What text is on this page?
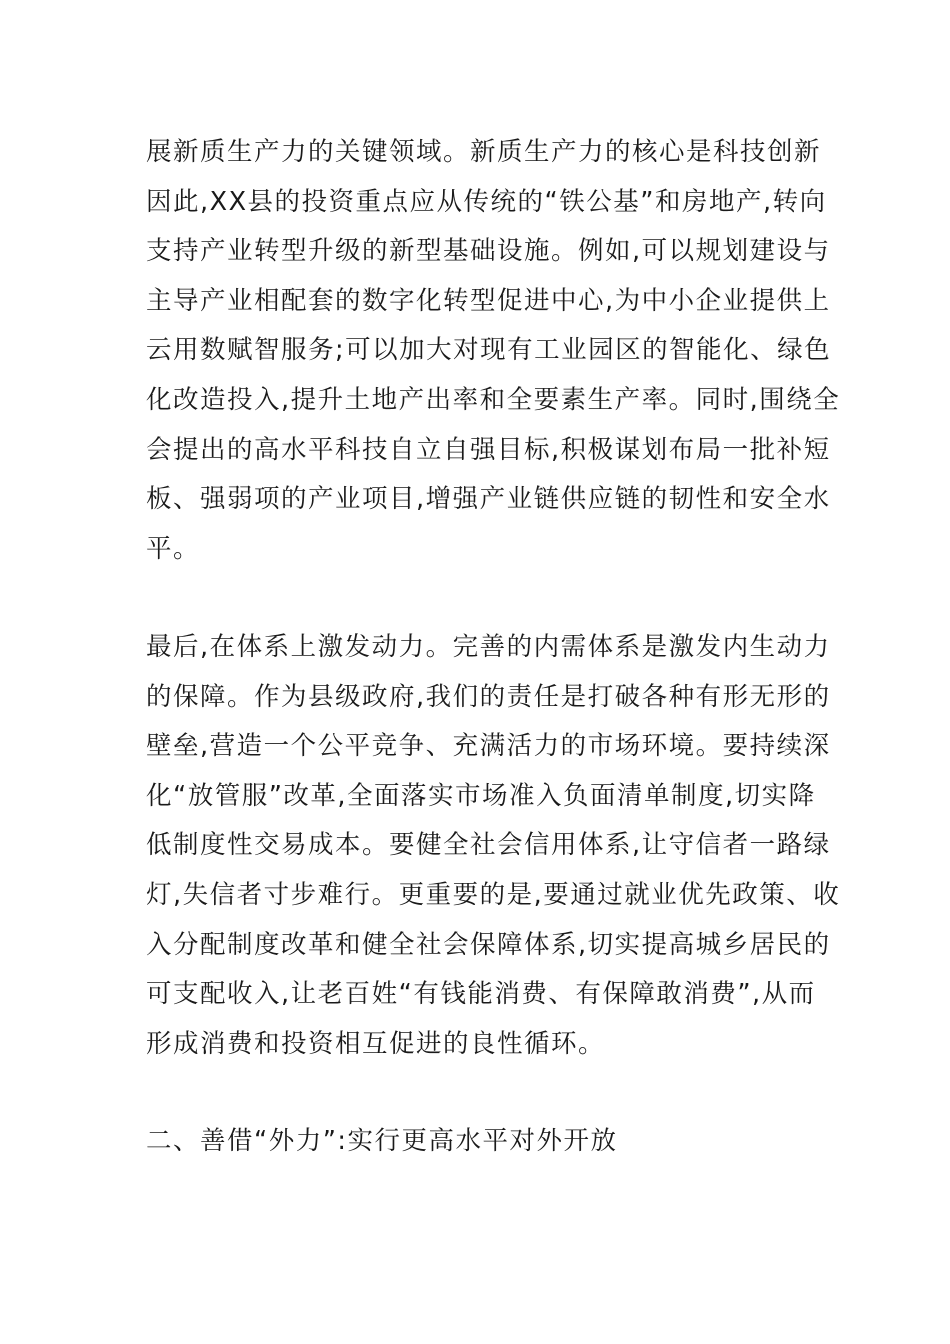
展新质生产力的关键领域。新质生产力的核心是科技创新
因此,XX县的投资重点应从传统的“铁公基”和房地产,转向
支持产业转型升级的新型基础设施。例如,可以规划建设与
主导产业相配套的数字化转型促进中心,为中小企业提供上
云用数赋智服务;可以加大对现有工业园区的智能化、绿色
化改造投入,提升土地产出率和全要素生产率。同时,围绕全
会提出的高水平科技自立自强目标,积极谋划布局一批补短
板、强弱项的产业项目,增强产业链供应链的韧性和安全水
平。
最后,在体系上激发动力。完善的内需体系是激发内生动力
的保障。作为县级政府,我们的责任是打破各种有形无形的
壁垒,营造一个公平竞争、充满活力的市场环境。要持续深
化“放管服”改革,全面落实市场准入负面清单制度,切实降
低制度性交易成本。要健全社会信用体系,让守信者一路绿
灯,失信者寸步难行。更重要的是,要通过就业优先政策、收
入分配制度改革和健全社会保障体系,切实提高城乡居民的
可支配收入,让老百姓“有钱能消费、有保障敢消费”,从而
形成消费和投资相互促进的良性循环。
二、善借“外力”:实行更高水平对外开放
